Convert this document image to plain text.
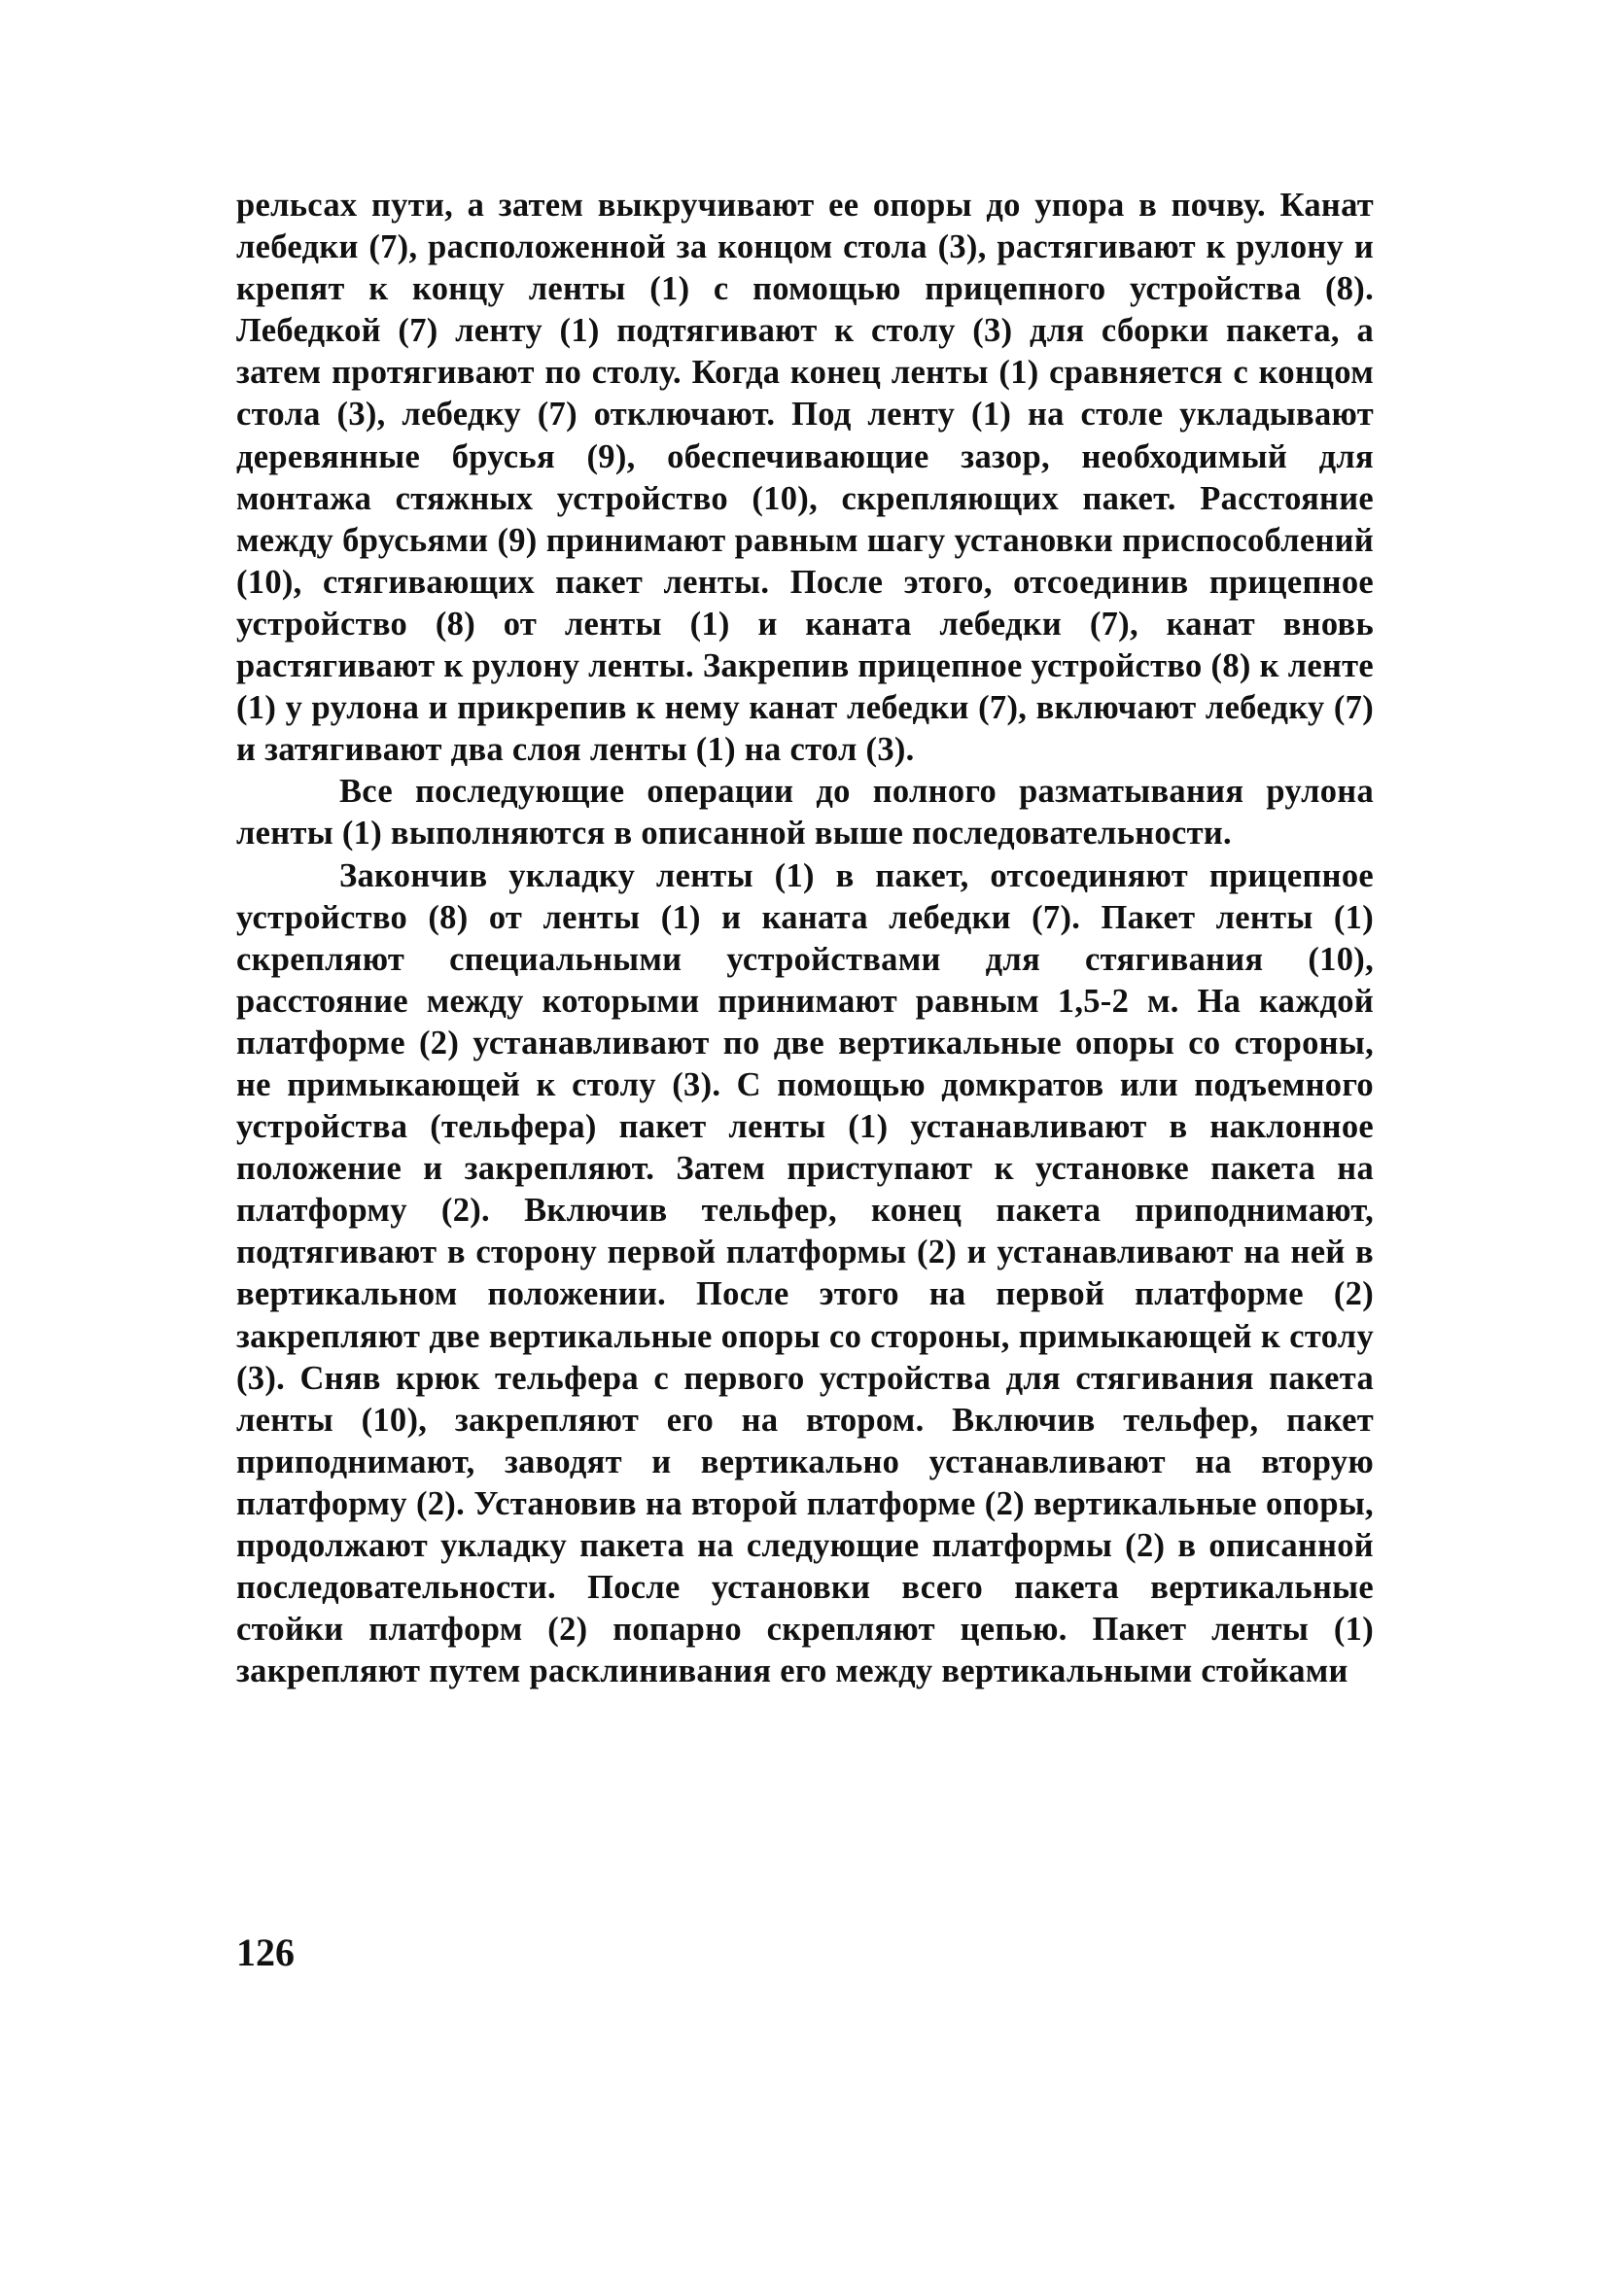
рельсах пути, а затем выкручивают ее опоры до упора в почву. Канат лебедки (7), расположенной за концом стола (3), растягивают к рулону и крепят к концу ленты (1) с помощью прицепного устройства (8). Лебедкой (7) ленту (1) подтягивают к столу (3) для сборки пакета, а затем протягивают по столу. Когда конец ленты (1) сравняется с концом стола (3), лебедку (7) отключают. Под ленту (1) на столе укладывают деревянные брусья (9), обеспечивающие зазор, необходимый для монтажа стяжных устройство (10), скрепляющих пакет. Расстояние между брусьями (9) принимают равным шагу установки приспособлений (10), стягивающих пакет ленты. После этого, отсоединив прицепное устройство (8) от ленты (1) и каната лебедки (7), канат вновь растягивают к рулону ленты. Закрепив прицепное устройство (8) к ленте (1) у рулона и прикрепив к нему канат лебедки (7), включают лебедку (7) и затягивают два слоя ленты (1) на стол (3).

Все последующие операции до полного разматывания рулона ленты (1) выполняются в описанной выше последовательности.

Закончив укладку ленты (1) в пакет, отсоединяют прицепное устройство (8) от ленты (1) и каната лебедки (7). Пакет ленты (1) скрепляют специальными устройствами для стягивания (10), расстояние между которыми принимают равным 1,5-2 м. На каждой платформе (2) устанавливают по две вертикальные опоры со стороны, не примыкающей к столу (3). С помощью домкратов или подъемного устройства (тельфера) пакет ленты (1) устанавливают в наклонное положение и закрепляют. Затем приступают к установке пакета на платформу (2). Включив тельфер, конец пакета приподнимают, подтягивают в сторону первой платформы (2) и устанавливают на ней в вертикальном положении. После этого на первой платформе (2) закрепляют две вертикальные опоры со стороны, примыкающей к столу (3). Сняв крюк тельфера с первого устройства для стягивания пакета ленты (10), закрепляют его на втором. Включив тельфер, пакет приподнимают, заводят и вертикально устанавливают на вторую платформу (2). Установив на второй платформе (2) вертикальные опоры, продолжают укладку пакета на следующие платформы (2) в описанной последовательности. После установки всего пакета вертикальные стойки платформ (2) попарно скрепляют цепью. Пакет ленты (1) закрепляют путем расклинивания его между вертикальными стойками

126
